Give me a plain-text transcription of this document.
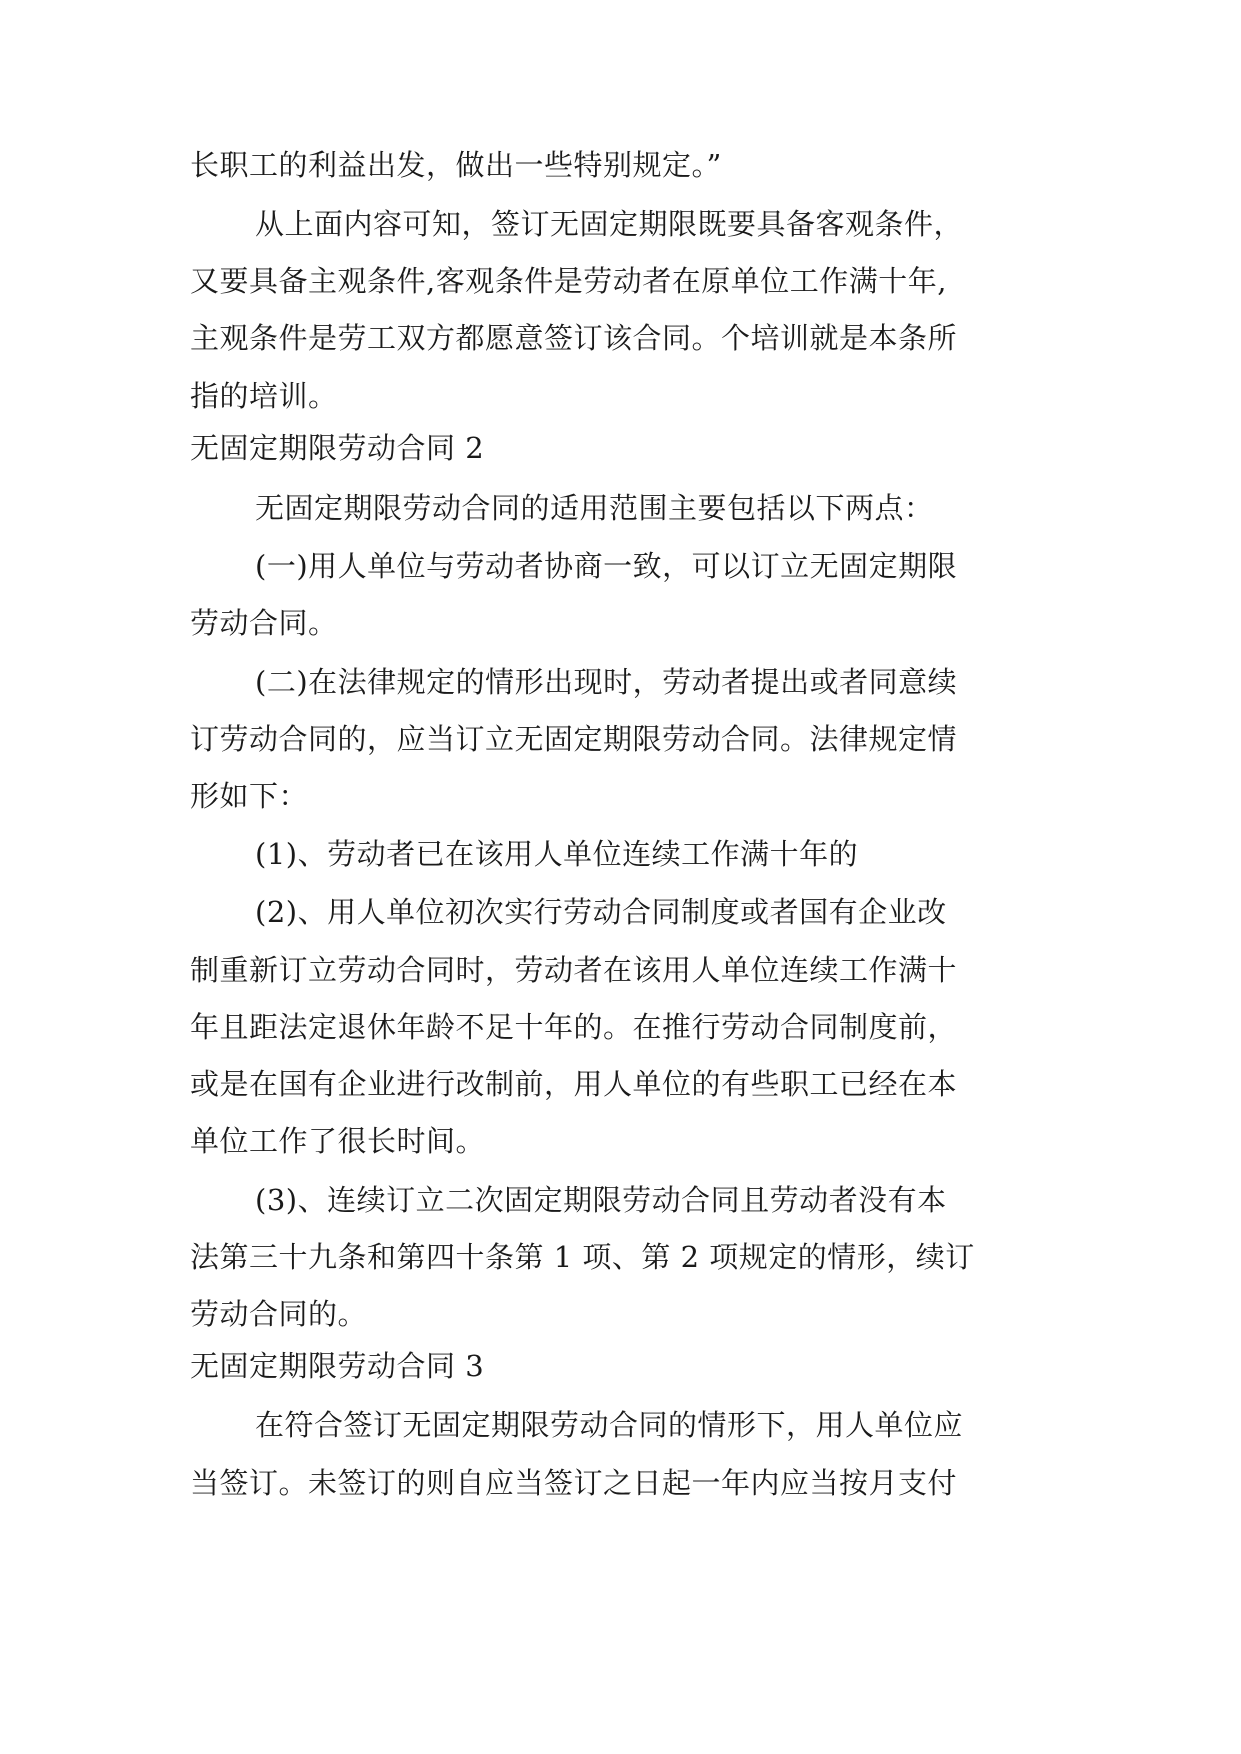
长职工的利益出发，做出一些特别规定。”
从上面内容可知，签订无固定期限既要具备客观条件，
又要具备主观条件,客观条件是劳动者在原单位工作满十年,
主观条件是劳工双方都愿意签订该合同。个培训就是本条所
指的培训。
无固定期限劳动合同 2
无固定期限劳动合同的适用范围主要包括以下两点：
(一)用人单位与劳动者协商一致，可以订立无固定期限
劳动合同。
(二)在法律规定的情形出现时，劳动者提出或者同意续
订劳动合同的，应当订立无固定期限劳动合同。法律规定情
形如下：
(1)、劳动者已在该用人单位连续工作满十年的
(2)、用人单位初次实行劳动合同制度或者国有企业改
制重新订立劳动合同时，劳动者在该用人单位连续工作满十
年且距法定退休年龄不足十年的。在推行劳动合同制度前，
或是在国有企业进行改制前，用人单位的有些职工已经在本
单位工作了很长时间。
(3)、连续订立二次固定期限劳动合同且劳动者没有本
法第三十九条和第四十条第 1 项、第 2 项规定的情形，续订
劳动合同的。
无固定期限劳动合同 3
在符合签订无固定期限劳动合同的情形下，用人单位应
当签订。未签订的则自应当签订之日起一年内应当按月支付
